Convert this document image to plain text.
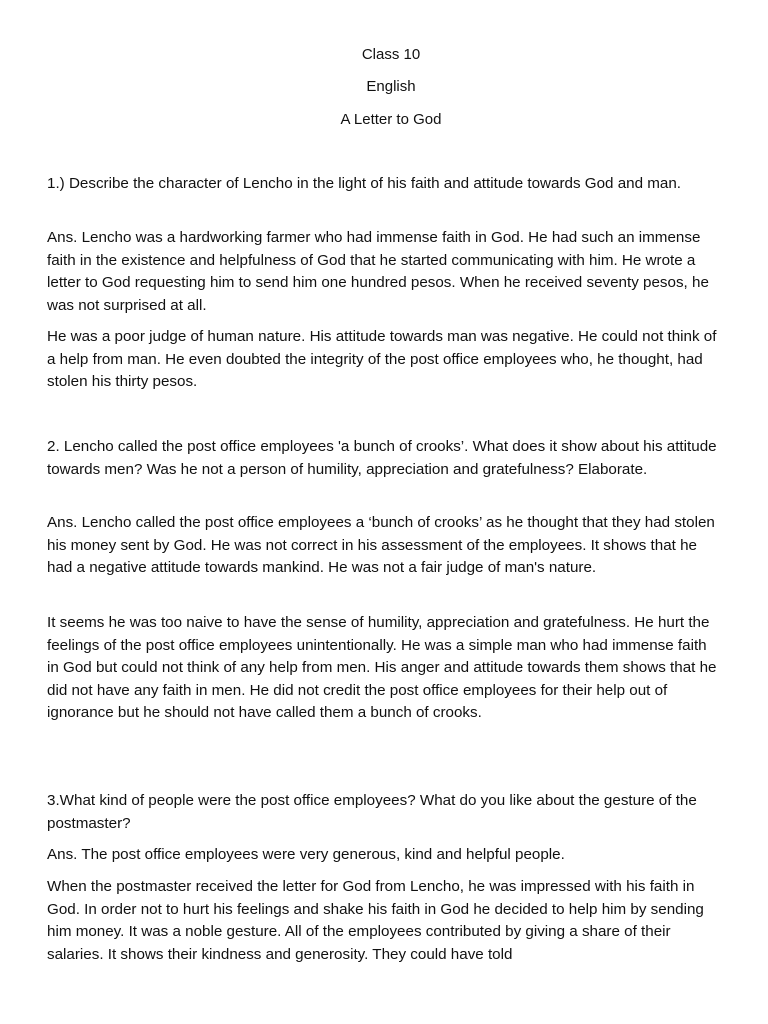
Class 10
English
A Letter to God

1.) Describe the character of Lencho in the light of his faith and attitude towards God and man.

Ans. Lencho was a hardworking farmer who had immense faith in God. He had such an immense faith in the existence and helpfulness of God that he started communicating with him. He wrote a letter to God requesting him to send him one hundred pesos. When he received seventy pesos, he was not surprised at all.

He was a poor judge of human nature. His attitude towards man was negative. He could not think of a help from man. He even doubted the integrity of the post office employees who, he thought, had stolen his thirty pesos.

2. Lencho called the post office employees 'a bunch of crooks’. What does it show about his attitude towards men? Was he not a person of humility, appreciation and gratefulness? Elaborate.

Ans. Lencho called the post office employees a ‘bunch of crooks’ as he thought that they had stolen his money sent by God. He was not correct in his assessment of the employees. It shows that he had a negative attitude towards mankind. He was not a fair judge of man's nature.

It seems he was too naive to have the sense of humility, appreciation and gratefulness. He hurt the feelings of the post office employees unintentionally. He was a simple man who had immense faith in God but could not think of any help from men. His anger and attitude towards them shows that he did not have any faith in men. He did not credit the post office employees for their help out of ignorance but he should not have called them a bunch of crooks.

3.What kind of people were the post office employees? What do you like about the gesture of the postmaster?

Ans. The post office employees were very generous, kind and helpful people.

When the postmaster received the letter for God from Lencho, he was impressed with his faith in God. In order not to hurt his feelings and shake his faith in God he decided to help him by sending him money. It was a noble gesture. All of the employees contributed by giving a share of their salaries. It shows their kindness and generosity. They could have told
